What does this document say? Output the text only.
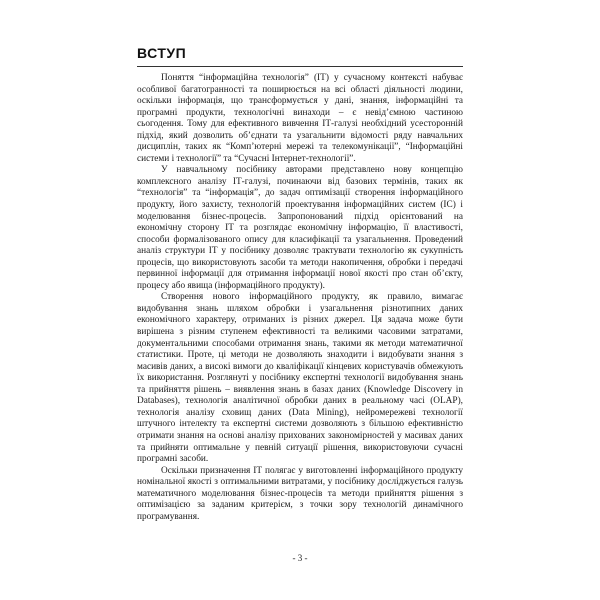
ВСТУП

Поняття “інформаційна технологія” (ІТ) у сучасному контексті набуває особливої багатогранності та поширюється на всі області діяльності людини, оскільки інформація, що трансформується у дані, знання, інформаційні та програмні продукти, технологічні винаходи – є невід’ємною частиною сьогодення. Тому для ефективного вивчення ІТ-галузі необхідний усесторонній підхід, який дозволить об’єднати та узагальнити відомості ряду навчальних дисциплін, таких як “Комп’ютерні мережі та телекомунікації”, “Інформаційні системи і технології” та “Сучасні Інтернет-технології”.

У навчальному посібнику авторами представлено нову концепцію комплексного аналізу ІТ-галузі, починаючи від базових термінів, таких як “технологія” та “інформація”, до задач оптимізації створення інформаційного продукту, його захисту, технологій проектування інформаційних систем (ІС) і моделювання бізнес-процесів. Запропонований підхід орієнтований на економічну сторону ІТ та розглядає економічну інформацію, її властивості, способи формалізованого опису для класифікації та узагальнення. Проведений аналіз структури ІТ у посібнику дозволяє трактувати технологію як сукупність процесів, що використовують засоби та методи накопичення, обробки і передачі первинної інформації для отримання інформації нової якості про стан об’єкту, процесу або явища (інформаційного продукту).

Створення нового інформаційного продукту, як правило, вимагає видобування знань шляхом обробки і узагальнення різнотипних даних економічного характеру, отриманих із різних джерел. Ця задача може бути вирішена з різним ступенем ефективності та великими часовими затратами, документальними способами отримання знань, такими як методи математичної статистики. Проте, ці методи не дозволяють знаходити і видобувати знання з масивів даних, а високі вимоги до кваліфікації кінцевих користувачів обмежують їх використання. Розглянуті у посібнику експертні технології видобування знань та прийняття рішень – виявлення знань в базах даних (Knowledge Discovery in Databases), технологія аналітичної обробки даних в реальному часі (OLAP), технологія аналізу сховищ даних (Data Mining), нейромережеві технології штучного інтелекту та експертні системи дозволяють з більшою ефективністю отримати знання на основі аналізу прихованих закономірностей у масивах даних та прийняти оптимальне у певній ситуації рішення, використовуючи сучасні програмні засоби.

Оскільки призначення ІТ полягає у виготовленні інформаційного продукту номінальної якості з оптимальними витратами, у посібнику досліджується галузь математичного моделювання бізнес-процесів та методи прийняття рішення з оптимізацією за заданим критерієм, з точки зору технологій динамічного програмування.

- 3 -
